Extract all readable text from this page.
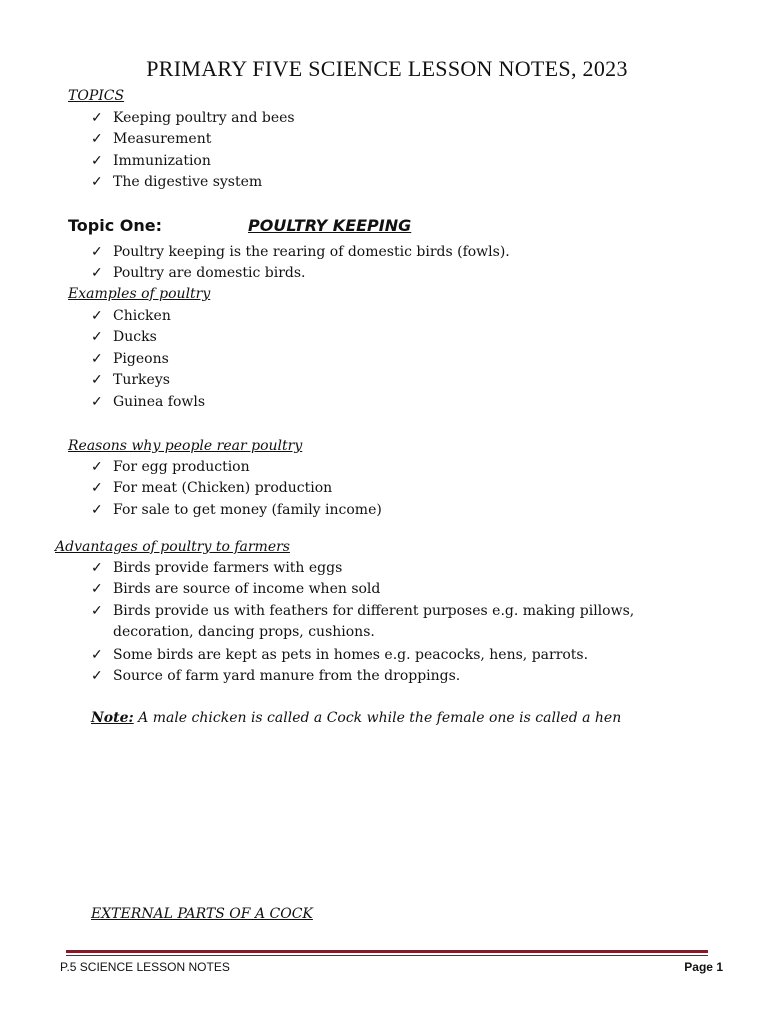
PRIMARY FIVE SCIENCE LESSON NOTES, 2023
TOPICS
✓ Keeping poultry and bees
✓ Measurement
✓ Immunization
✓ The digestive system
Topic One:	POULTRY KEEPING
✓ Poultry keeping is the rearing of domestic birds (fowls).
✓ Poultry are domestic birds.
Examples of poultry
✓ Chicken
✓ Ducks
✓ Pigeons
✓ Turkeys
✓ Guinea fowls
Reasons why people rear poultry
✓ For egg production
✓ For meat (Chicken) production
✓ For sale to get money (family income)
Advantages of poultry to farmers
✓ Birds provide farmers with eggs
✓ Birds are source of income when sold
✓ Birds provide us with feathers for different purposes e.g. making pillows, decoration, dancing props, cushions.
✓ Some birds are kept as pets in homes e.g. peacocks, hens, parrots.
✓ Source of farm yard manure from the droppings.
Note: A male chicken is called a Cock while the female one is called a hen
EXTERNAL PARTS OF A COCK
P.5 SCIENCE LESSON NOTES	Page 1
